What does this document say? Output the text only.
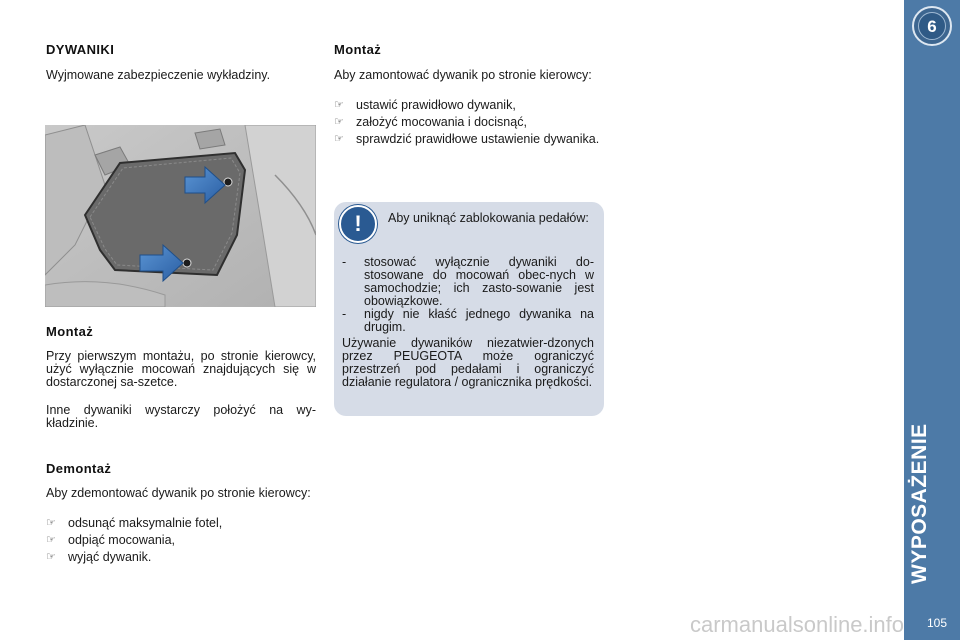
DYWANIKI
Wyjmowane zabezpieczenie wykładziny.
Montaż
Przy pierwszym montażu, po stronie kierowcy, użyć wyłącznie mocowań znajdujących się w dostarczonej sa-szetce.
Inne dywaniki wystarczy położyć na wy-kładzinie.
Demontaż
Aby zdemontować dywanik po stronie kierowcy:
☞ odsunąć maksymalnie fotel,
☞ odpiąć mocowania,
☞ wyjąć dywanik.
Montaż
Aby zamontować dywanik po stronie kierowcy:
☞ ustawić prawidłowo dywanik,
☞ założyć mocowania i docisnąć,
☞ sprawdzić prawidłowe ustawienie dywanika.
!	Aby uniknąć zablokowania pedałów:
-	stosować wyłącznie dywaniki do-stosowane do mocowań obec-nych w samochodzie; ich zasto-sowanie jest obowiązkowe.
-	nigdy nie kłaść jednego dywanika na drugim.
Używanie dywaników niezatwier-dzonych przez PEUGEOTA może ograniczyć przestrzeń pod pedałami i ograniczyć działanie regulatora / ogranicznika prędkości.
6
WYPOSAŻENIE
105
carmanualsonline.info
